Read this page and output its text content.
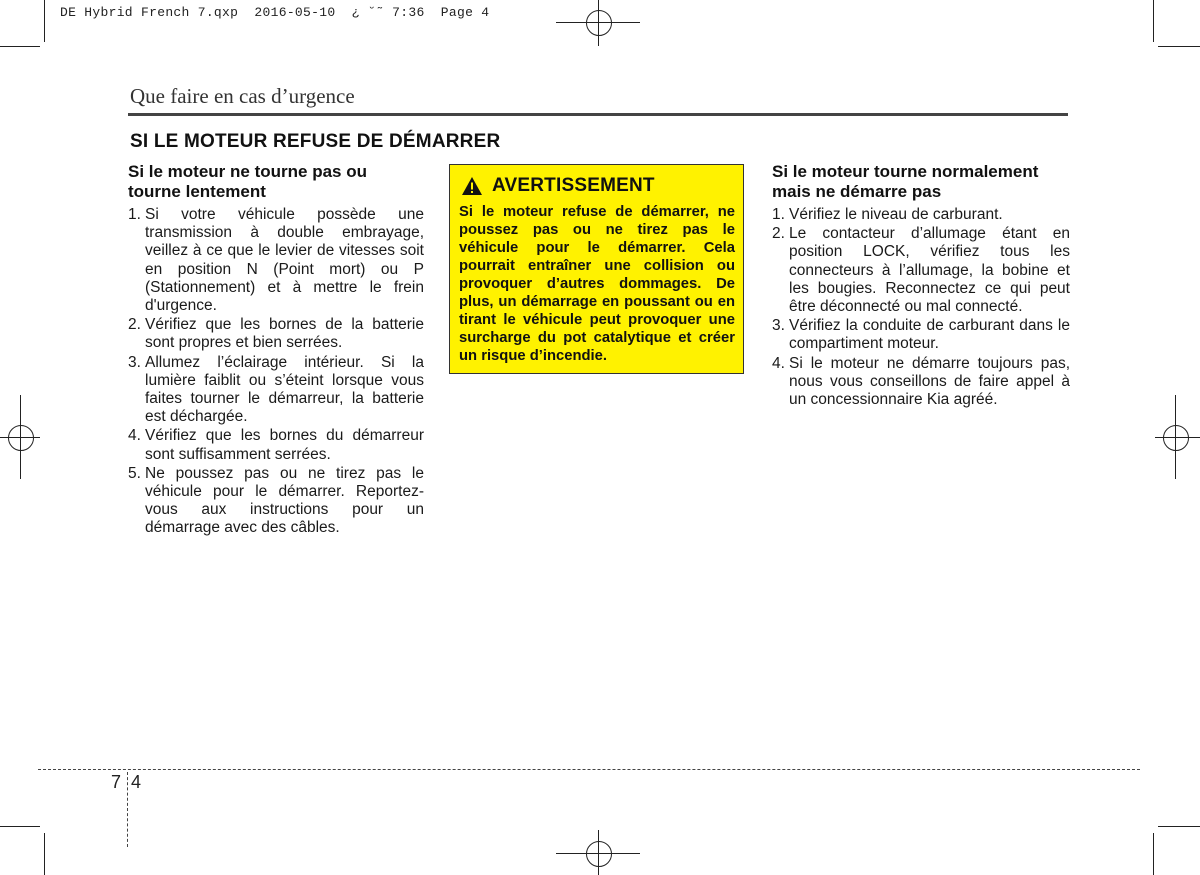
DE Hybrid French 7.qxp  2016-05-10  ¿ ˘˜ 7:36  Page 4
Que faire en cas d’urgence
SI LE MOTEUR REFUSE DE DÉMARRER
Si le moteur ne tourne pas ou tourne lentement
1. Si votre véhicule possède une transmission à double embrayage, veillez à ce que le levier de vitesses soit en position N (Point mort) ou P (Stationnement) et à mettre le frein d'urgence.
2. Vérifiez que les bornes de la batterie sont propres et bien serrées.
3. Allumez l’éclairage intérieur. Si la lumière faiblit ou s’éteint lorsque vous faites tourner le démarreur, la batterie est déchargée.
4. Vérifiez que les bornes du démarreur sont suffisamment serrées.
5. Ne poussez pas ou ne tirez pas le véhicule pour le démarrer. Reportez-vous aux instructions pour un démarrage avec des câbles.
AVERTISSEMENT
Si le moteur refuse de démarrer, ne poussez pas ou ne tirez pas le véhicule pour le démarrer. Cela pourrait entraîner une collision ou provoquer d’autres dommages. De plus, un démarrage en poussant ou en tirant le véhicule peut provoquer une surcharge du pot catalytique et créer un risque d’incendie.
Si le moteur tourne normalement mais ne démarre pas
1. Vérifiez le niveau de carburant.
2. Le contacteur d’allumage étant en position LOCK, vérifiez tous les connecteurs à l’allumage, la bobine et les bougies. Reconnectez ce qui peut être déconnecté ou mal connecté.
3. Vérifiez la conduite de carburant dans le compartiment moteur.
4. Si le moteur ne démarre toujours pas, nous vous conseillons de faire appel à un concessionnaire Kia agréé.
7 4
